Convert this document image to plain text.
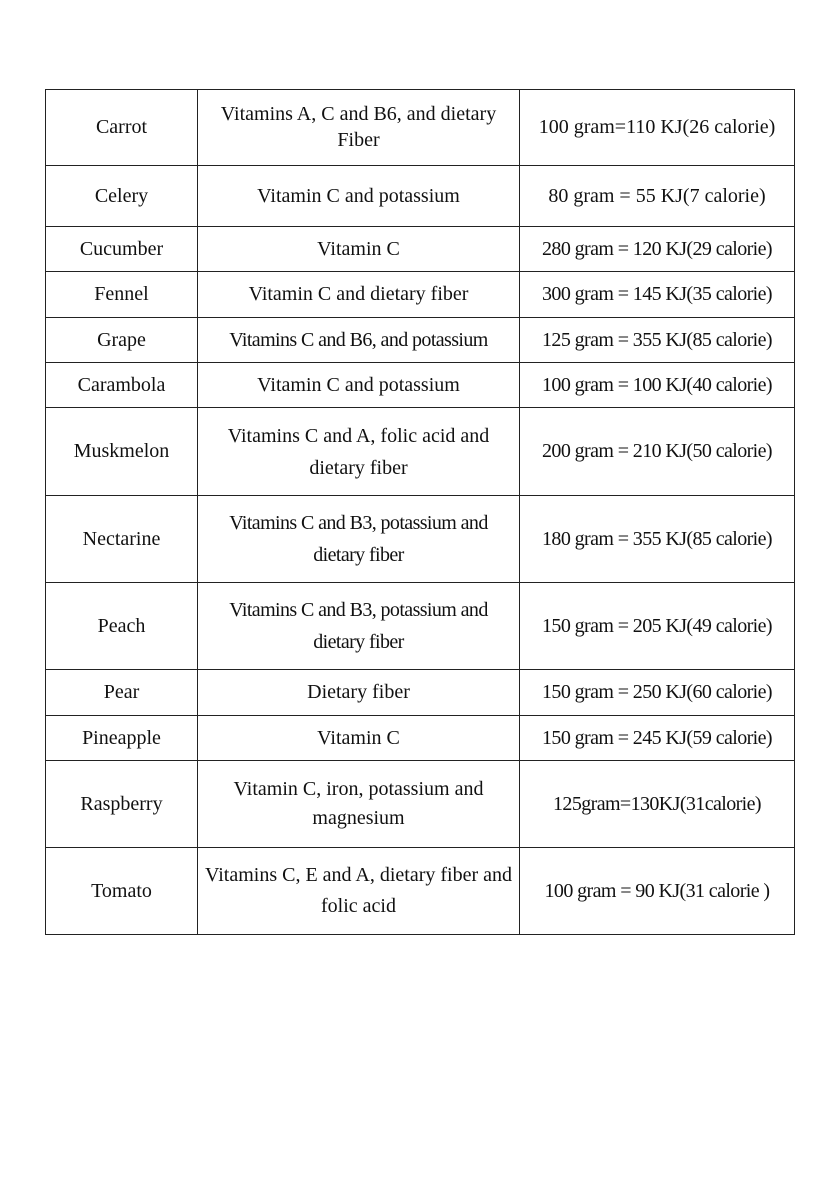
Carrot	Vitamins A, C and B6, and dietary Fiber	100 gram=110 KJ(26 calorie)
Celery	Vitamin C and potassium	80 gram = 55 KJ(7 calorie)
Cucumber	Vitamin C	280 gram = 120 KJ(29 calorie)
Fennel	Vitamin C and dietary fiber	300 gram = 145 KJ(35 calorie)
Grape	Vitamins C and B6, and potassium	125 gram = 355 KJ(85 calorie)
Carambola	Vitamin C and potassium	100 gram = 100 KJ(40 calorie)
Muskmelon	Vitamins C and A, folic acid and dietary fiber	200 gram = 210 KJ(50 calorie)
Nectarine	Vitamins C and B3, potassium and dietary fiber	180 gram = 355 KJ(85 calorie)
Peach	Vitamins C and B3, potassium and dietary fiber	150 gram = 205 KJ(49 calorie)
Pear	Dietary fiber	150 gram = 250 KJ(60 calorie)
Pineapple	Vitamin C	150 gram = 245 KJ(59 calorie)
Raspberry	Vitamin C, iron, potassium and magnesium	125gram=130KJ(31calorie)
Tomato	Vitamins C, E and A, dietary fiber and folic acid	100 gram = 90 KJ(31 calorie )
